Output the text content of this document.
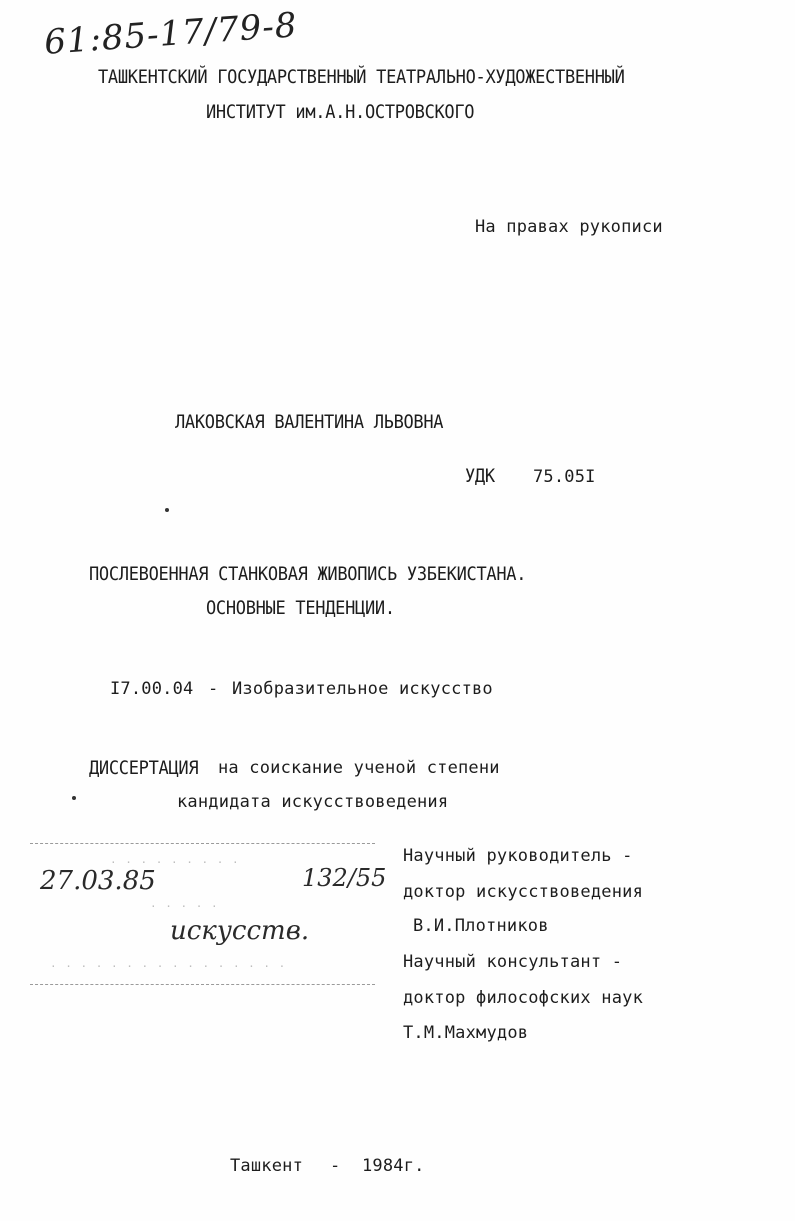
61:85-17/79-8
ТАШКЕНТСКИЙ ГОСУДАРСТВЕННЫЙ ТЕАТРАЛЬНО-ХУДОЖЕСТВЕННЫЙ
ИНСТИТУТ им.А.Н.ОСТРОВСКОГО
На правах рукописи
ЛАКОВСКАЯ ВАЛЕНТИНА ЛЬВОВНА
УДК 75.05I
ПОСЛЕВОЕННАЯ СТАНКОВАЯ ЖИВОПИСЬ УЗБЕКИСТАНА.
ОСНОВНЫЕ ТЕНДЕНЦИИ.
I7.00.04 - Изобразительное искусство
ДИССЕРТАЦИЯ на соискание ученой степени
кандидата искусствоведения
· · · · · · · · ·
· · · · ·
· · · · · · · · · · · · · · · ·
27.03.85	132/55
искусств.
Научный руководитель -
доктор искусствоведения
В.И.Плотников
Научный консультант -
доктор философских наук
Т.М.Махмудов
Ташкент - 1984г.
